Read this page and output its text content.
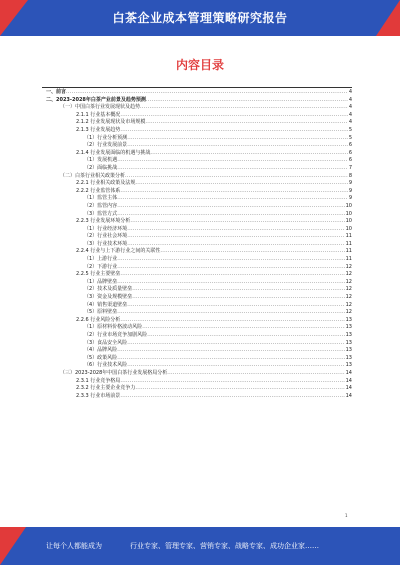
白茶企业成本管理策略研究报告
内容目录
一、前言 .....	4
二、2023-2028年白茶产业前景及趋势预测 .....	4
（一）中国白茶行业发展现状及趋势 .....	4
2.1.1 行业基本概况 .....	4
2.1.2 行业发展现状及市场规模 .....	4
2.1.3 行业发展趋势 .....	5
（1）行业分析预测 .....	5
（2）行业发展前景 .....	6
2.1.4 行业发展面临的机遇与挑战 .....	6
（1）发展机遇 .....	6
（2）面临挑战 .....	7
（二）白茶行业相关政策分析 .....	8
2.2.1 行业相关政策及法规 .....	9
2.2.2 行业监管体系 .....	9
（1）监管主体 .....	9
（2）监管内容 .....	10
（3）监管方式 .....	10
2.2.3 行业发展环境分析 .....	10
（1）行业经济环境 .....	10
（2）行业社会环境 .....	11
（3）行业技术环境 .....	11
2.2.4 行业与上下游行业之间的关联性 .....	11
（1）上游行业 .....	11
（2）下游行业 .....	12
2.2.5 行业主要壁垒 .....	12
（1）品牌壁垒 .....	12
（2）技术及质量壁垒 .....	12
（3）资金及规模壁垒 .....	12
（4）销售渠道壁垒 .....	12
（5）原料壁垒 .....	12
2.2.6 行业风险分析 .....	13
（1）原材料价格波动风险 .....	13
（2）行业市场竞争加剧风险 .....	13
（3）食品安全风险 .....	13
（4）品牌风险 .....	13
（5）政策风险 .....	13
（6）行业技术风险 .....	13
（三）2023-2028年中国白茶行业发展格局分析 .....	14
2.3.1 行业竞争格局 .....	14
2.3.2 行业主要企业竞争力 .....	14
2.3.3 行业市场前景 .....	14
1
让每个人都能成为	行业专家、管理专家、营销专家、战略专家、成功企业家……
